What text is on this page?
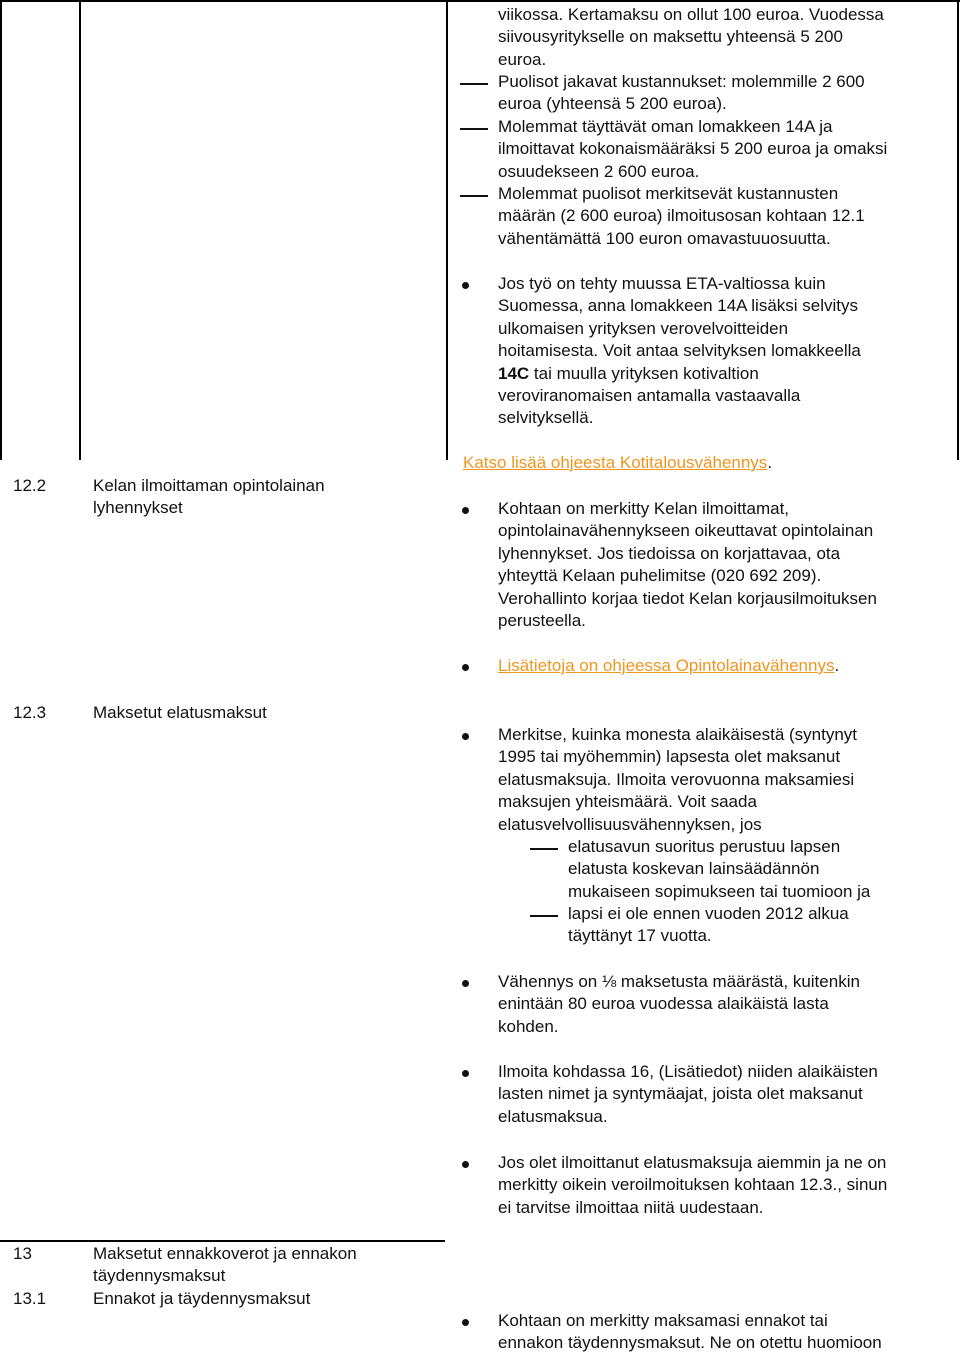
viikossa. Kertamaksu on ollut 100 euroa. Vuodessa
siivousyritykselle on maksettu yhteensä 5 200
euroa.
Puolisot jakavat kustannukset: molemmille 2 600
euroa (yhteensä 5 200 euroa).
Molemmat täyttävät oman lomakkeen 14A ja
ilmoittavat kokonaismääräksi 5 200 euroa ja omaksi
osuudekseen 2 600 euroa.
Molemmat puolisot merkitsevät kustannusten
määrän (2 600 euroa) ilmoitusosan kohtaan 12.1
vähentämättä 100 euron omavastuuosuutta.
Jos työ on tehty muussa ETA-valtiossa kuin
Suomessa, anna lomakkeen 14A lisäksi selvitys
ulkomaisen yrityksen verovelvoitteiden
hoitamisesta. Voit antaa selvityksen lomakkeella
14C tai muulla yrityksen kotivaltion
veroviranomaisen antamalla vastaavalla
selvityksellä.
Katso lisää ohjeesta Kotitalousvähennys.
12.2	Kelan ilmoittaman opintolainan
lyhennykset	Kohtaan on merkitty Kelan ilmoittamat,
opintolainavähennykseen oikeuttavat opintolainan
lyhennykset. Jos tiedoissa on korjattavaa, ota
yhteyttä Kelaan puhelimitse (020 692 209).
Verohallinto korjaa tiedot Kelan korjausilmoituksen
perusteella.
Lisätietoja on ohjeessa Opintolainavähennys.
12.3	Maksetut elatusmaksut
Merkitse, kuinka monesta alaikäisestä (syntynyt
1995 tai myöhemmin) lapsesta olet maksanut
elatusmaksuja. Ilmoita verovuonna maksamiesi
maksujen yhteismäärä. Voit saada
elatusvelvollisuusvähennyksen, jos
elatusavun suoritus perustuu lapsen
elatusta koskevan lainsäädännön
mukaiseen sopimukseen tai tuomioon ja
lapsi ei ole ennen vuoden 2012 alkua
täyttänyt 17 vuotta.
Vähennys on ⅛ maksetusta määrästä, kuitenkin
enintään 80 euroa vuodessa alaikäistä lasta
kohden.
Ilmoita kohdassa 16, (Lisätiedot) niiden alaikäisten
lasten nimet ja syntymäajat, joista olet maksanut
elatusmaksua.
Jos olet ilmoittanut elatusmaksuja aiemmin ja ne on
merkitty oikein veroilmoituksen kohtaan 12.3., sinun
ei tarvitse ilmoittaa niitä uudestaan.
13	Maksetut ennakkoverot ja ennakon
täydennysmaksut
13.1	Ennakot ja täydennysmaksut
Kohtaan on merkitty maksamasi ennakot tai
ennakon täydennysmaksut. Ne on otettu huomioon
